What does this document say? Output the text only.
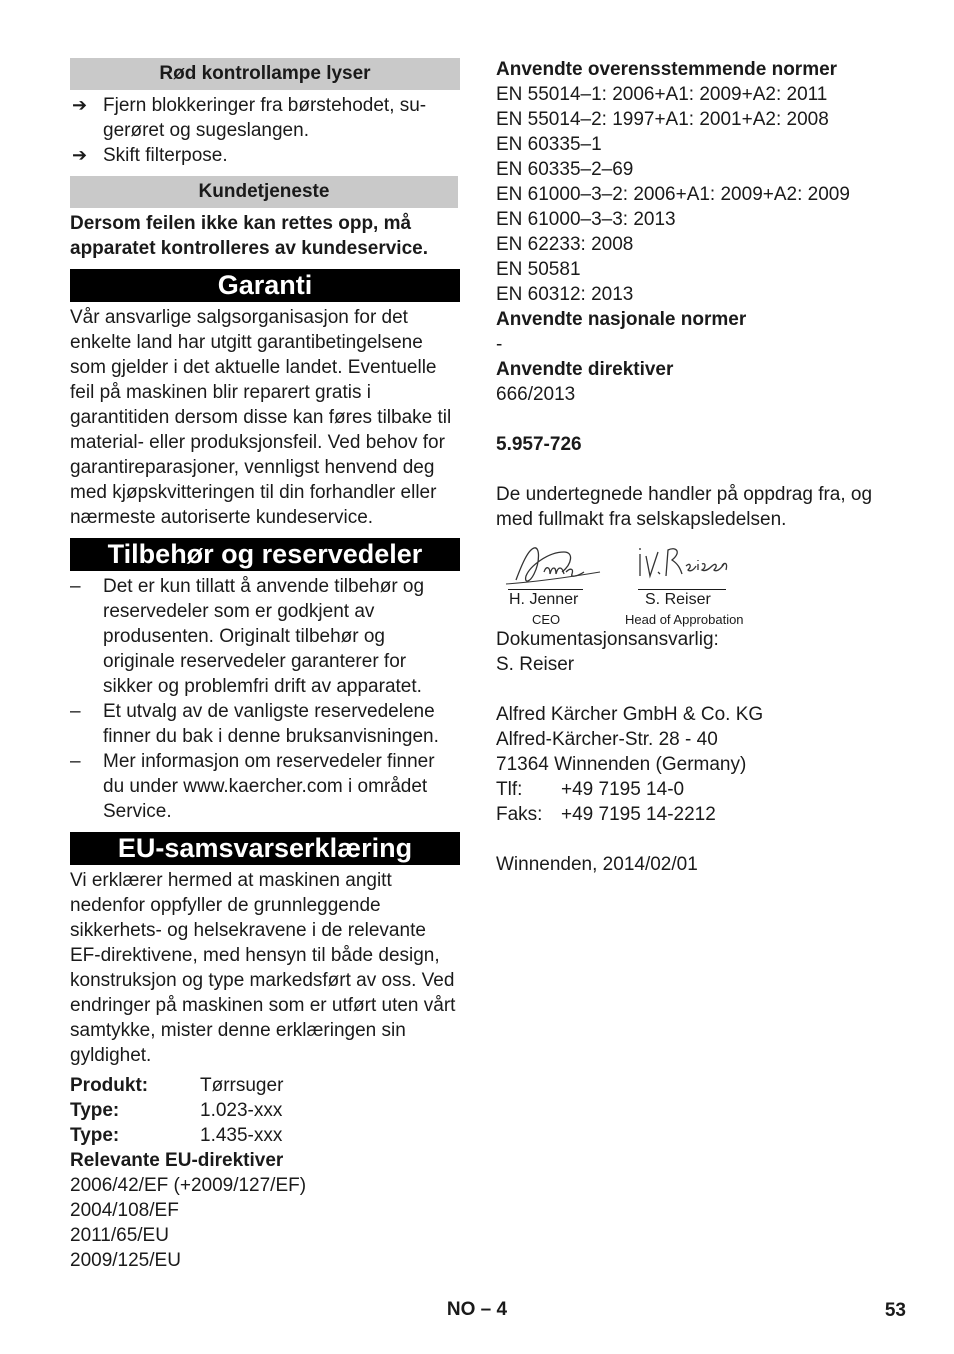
Rød kontrollampe lyser
➔ Fjern blokkeringer fra børstehodet, su-
gerøret og sugeslangen.
➔ Skift filterpose.
Kundetjeneste

Dersom feilen ikke kan rettes opp, må apparatet kontrolleres av kundeservice.

Garanti

Vår ansvarlige salgsorganisasjon for det enkelte land har utgitt garantibetingelsene som gjelder i det aktuelle landet. Eventuelle feil på maskinen blir reparert gratis i garantitiden dersom disse kan føres tilbake til material- eller produksjonsfeil. Ved behov for garantireparasjoner, vennligst henvend deg med kjøpskvitteringen til din forhandler eller nærmeste autoriserte kundeservice.

Tilbehør og reservedeler
– Det er kun tillatt å anvende tilbehør og reservedeler som er godkjent av produsenten. Originalt tilbehør og originale reservedeler garanterer for sikker og problemfri drift av apparatet.
– Et utvalg av de vanligste reservedelene finner du bak i denne bruksanvisningen.
– Mer informasjon om reservedeler finner du under www.kaercher.com i området Service.
EU-samsvarserklæring

Vi erklærer hermed at maskinen angitt nedenfor oppfyller de grunnleggende sikkerhets- og helsekravene i de relevante EF-direktivene, med hensyn til både design, konstruksjon og type markedsført av oss. Ved endringer på maskinen som er utført uten vårt samtykke, mister denne erklæringen sin gyldighet.

Produkt:	Tørrsuger
Type:	1.023-xxx
Type:	1.435-xxx

Relevante EU-direktiver

2006/42/EF (+2009/127/EF)

2004/108/EF

2011/65/EU

2009/125/EU

Anvendte overensstemmende normer

EN 55014–1: 2006+A1: 2009+A2: 2011

EN 55014–2: 1997+A1: 2001+A2: 2008

EN 60335–1

EN 60335–2–69

EN 61000–3–2: 2006+A1: 2009+A2: 2009

EN 61000–3–3: 2013

EN 62233: 2008

EN 50581

EN 60312: 2013

Anvendte nasjonale normer

-

Anvendte direktiver

666/2013

5.957-726

De undertegnede handler på oppdrag fra, og med fullmakt fra selskapsledelsen.

H. Jenner
CEO
S. Reiser
Head of Approbation

Dokumentasjonsansvarlig:

S. Reiser

Alfred Kärcher GmbH & Co. KG

Alfred-Kärcher-Str. 28 - 40

71364 Winnenden (Germany)

Tlf:	+49 7195 14-0
Faks: +49 7195 14-2212

Winnenden, 2014/02/01

NO – 4	53
